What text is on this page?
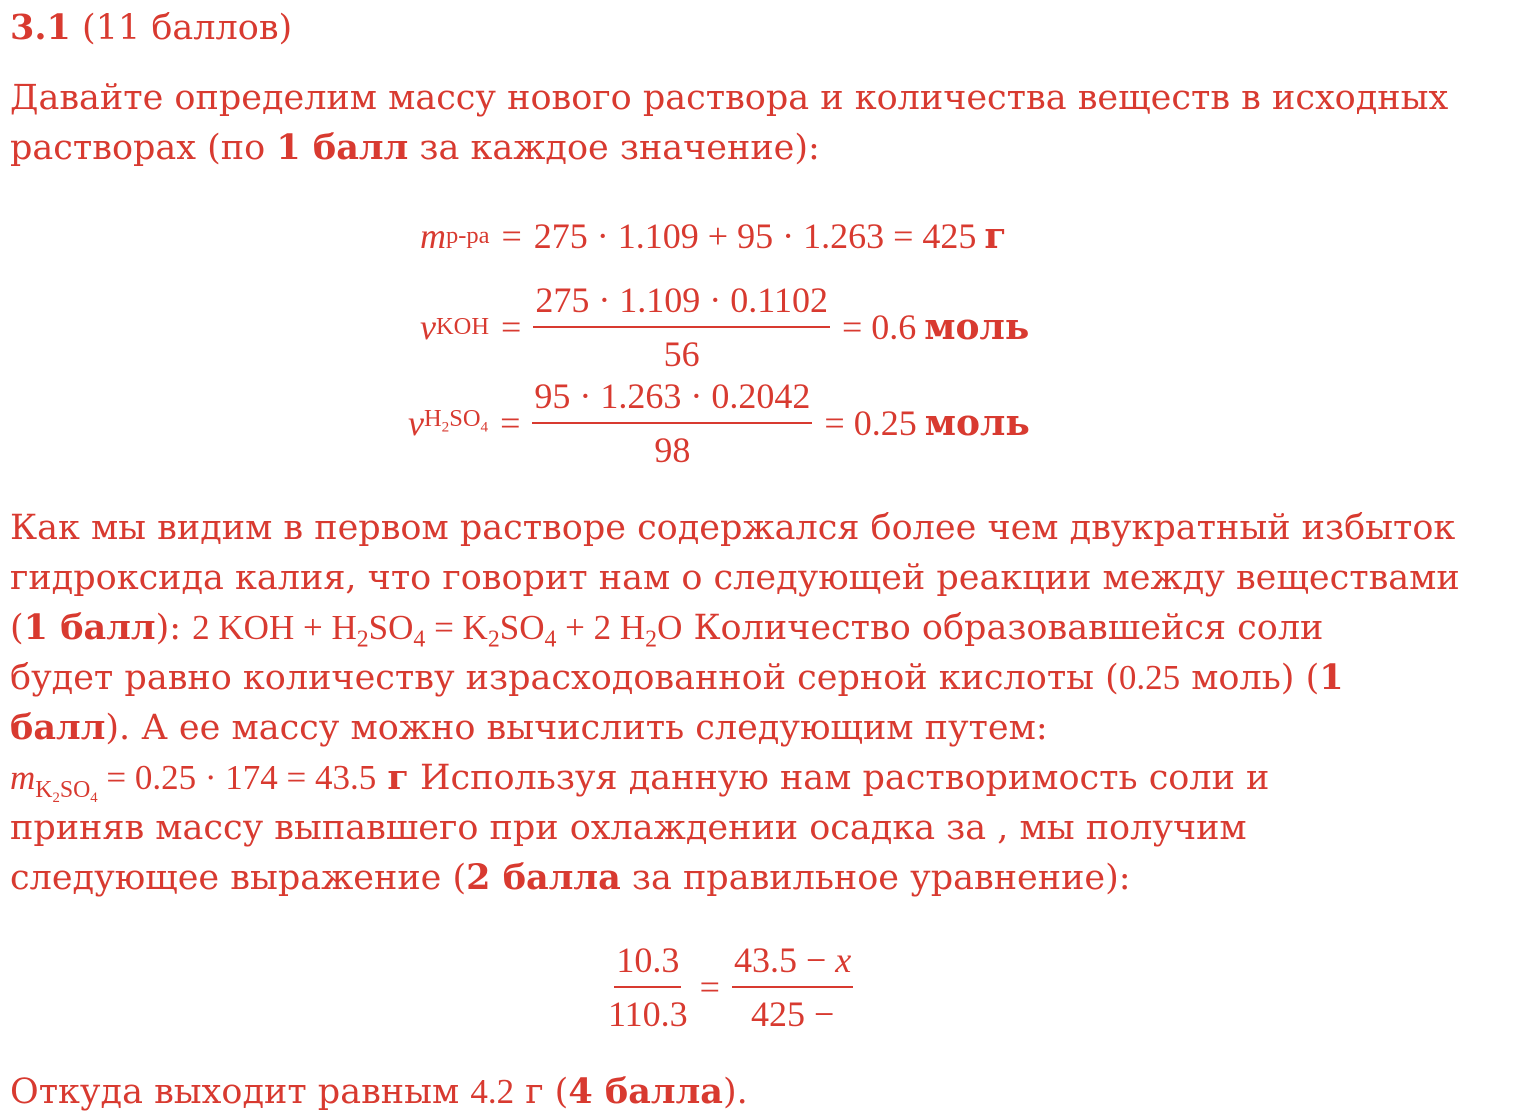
3.1 (11 баллов)
Давайте определим массу нового раствора и количества веществ в исходных
растворах (по 1 балл за каждое значение):
m р-ра = 275 · 1.109 + 95 · 1.263 = 425 г
ν KOH = $\frac{275 \cdot 1.109 \cdot 0.1102}{56} = 0.6$ моль
ν $H_2SO_4 = \frac{95 \cdot 1.263 \cdot 0.2042}{98} = 0.25$ моль
Как мы видим в первом растворе содержался более чем двукратный избыток
гидроксида калия, что говорит нам о следующей реакции между веществами
(1 балл): 2 KOH + $H_2SO_4 = K_2SO_4 + 2$ $H_2O$ Количество образовавшейся соли
будет равно количеству израсходованной серной кислоты (0.25 моль) (1
балл). А ее массу можно вычислить следующим путем:
$m_{K_2SO_4} = 0.25 \cdot 174 = 43.5$ г Используя данную нам растворимость соли и
приняв массу выпавшего при охлаждении осадка за , мы получим
следующее выражение (2 балла за правильное уравнение):
$\frac{10.3}{110.3} = \frac{43.5 - x}{425 -}$
Откуда выходит равным 4.2 г (4 балла).
